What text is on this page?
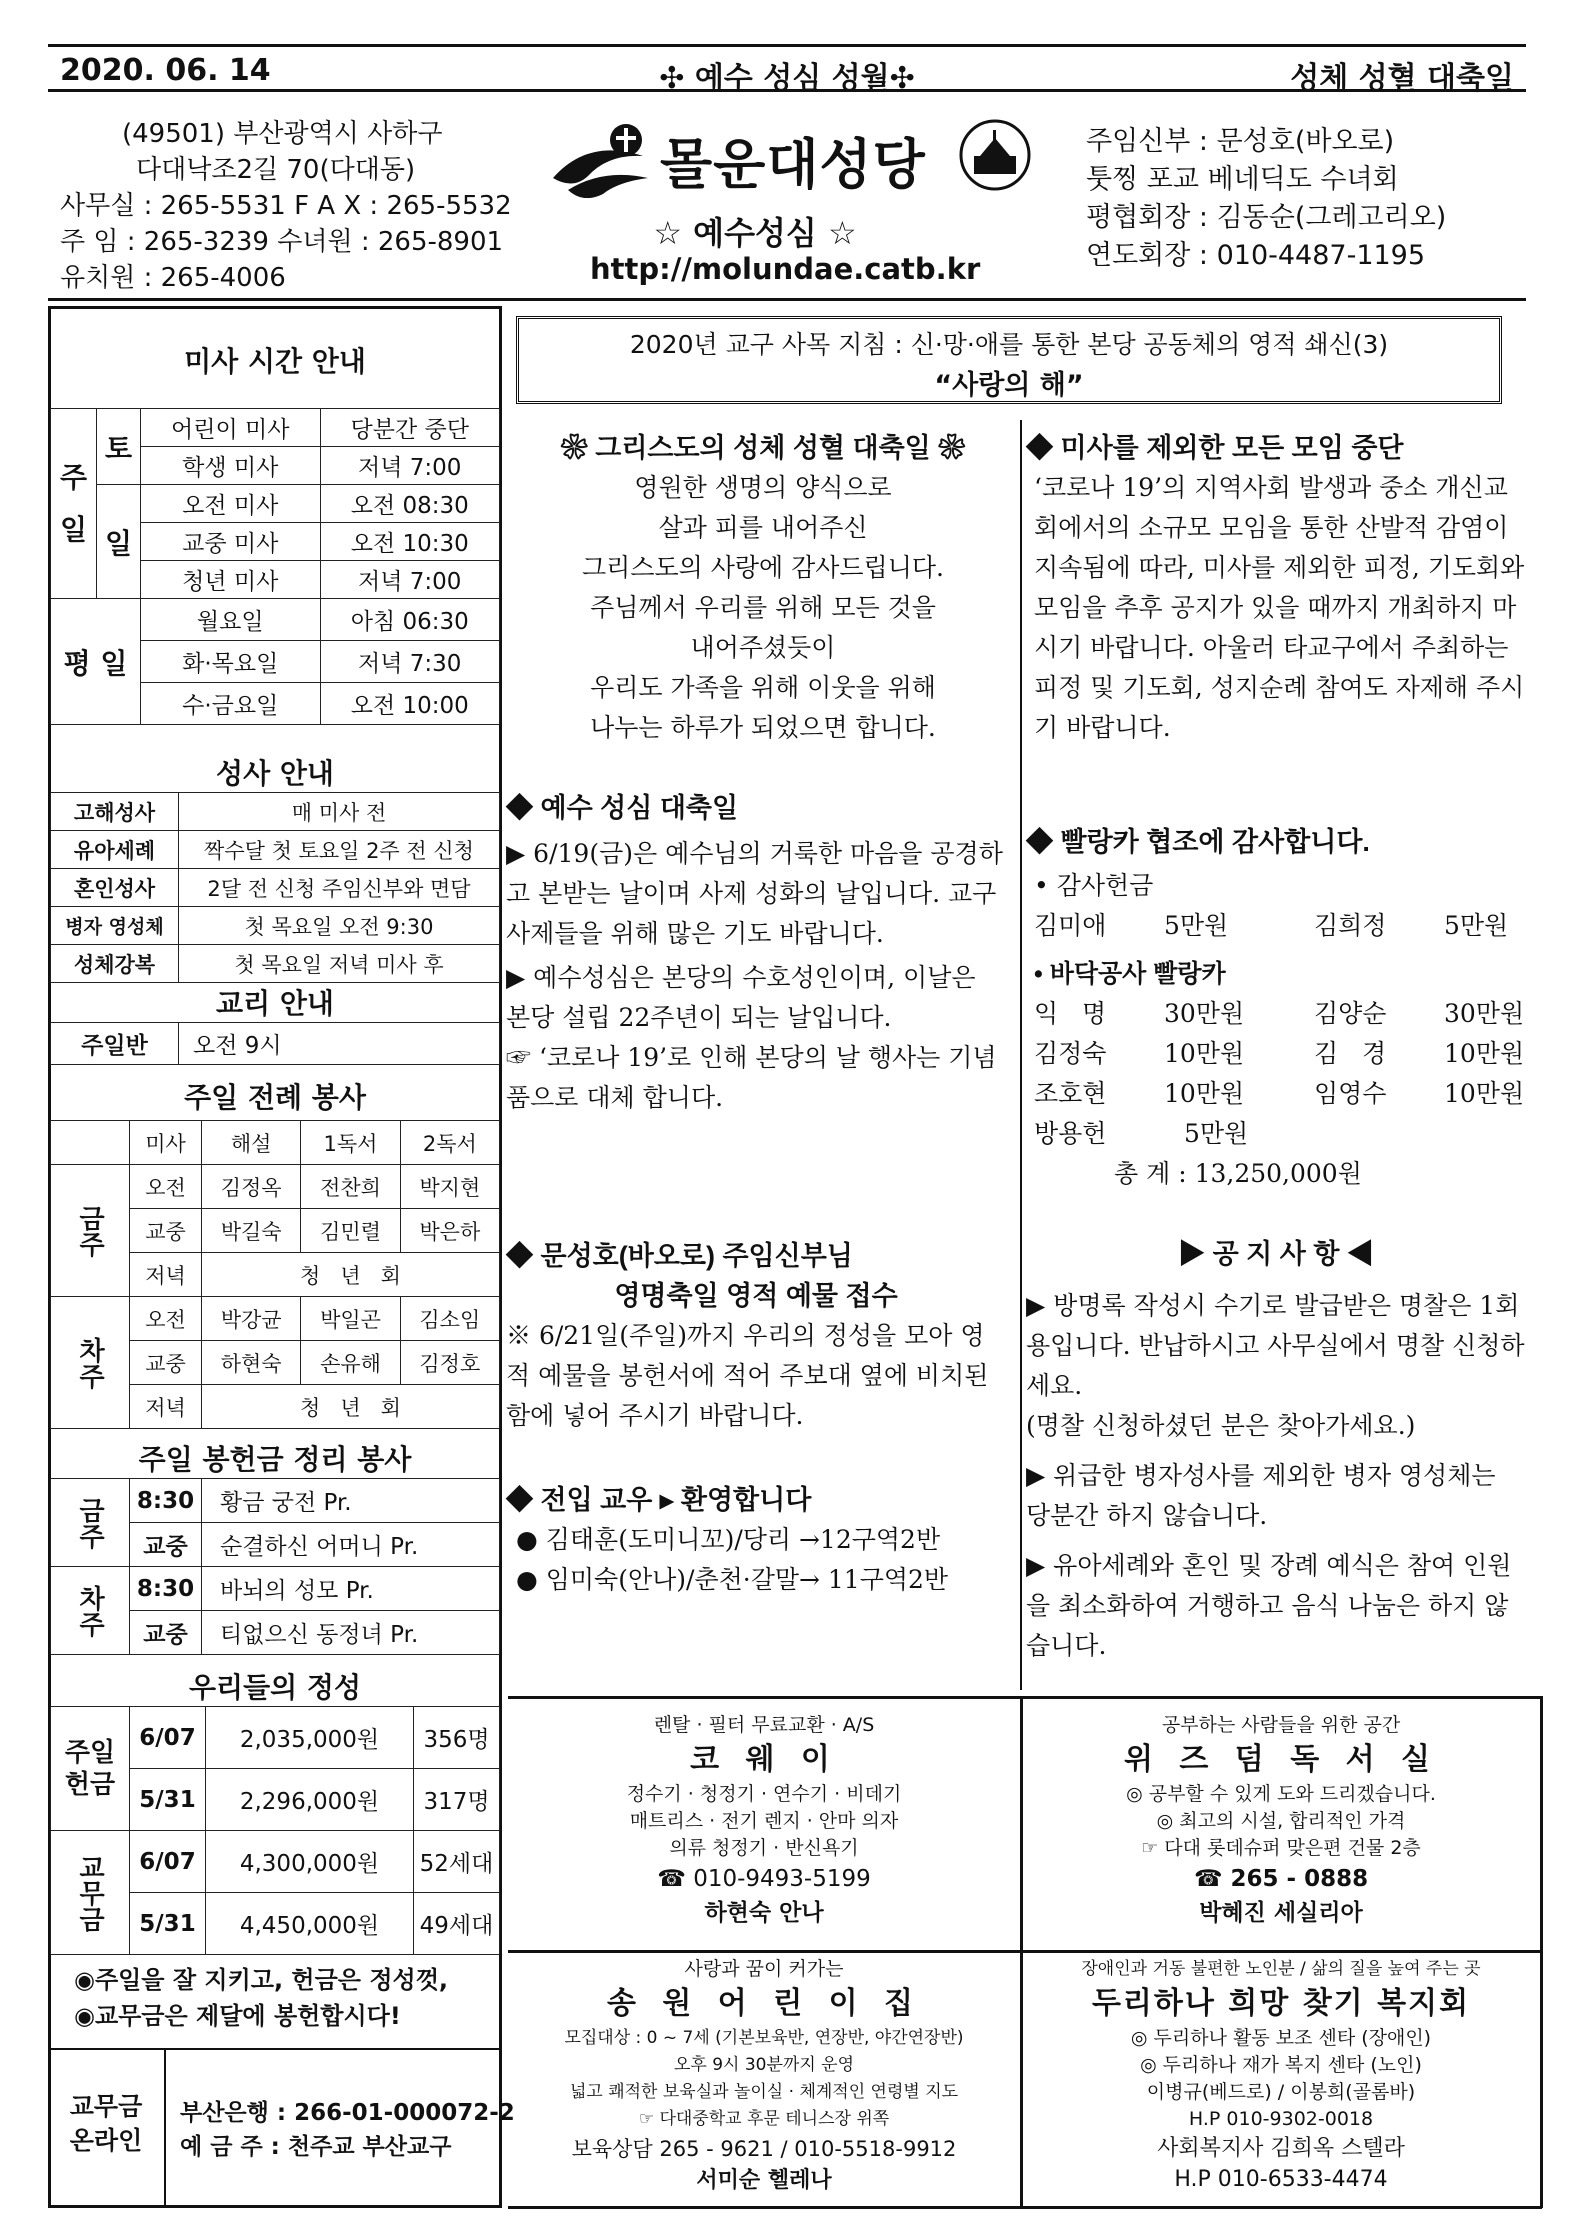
2020. 06. 14	✣ 예수 성심 성월✣	성체 성혈 대축일
(49501) 부산광역시 사하구
다대낙조2길 70(다대동)
사무실 : 265-5531 F A X : 265-5532
주 임 : 265-3239 수녀원 : 265-8901
유치원 : 265-4006
몰운대성당
☆ 예수성심 ☆
http://molundae.catb.kr
주임신부 : 문성호(바오로)
툿찡 포교 베네딕도 수녀회
평협회장 : 김동순(그레고리오)
연도회장 : 010-4487-1195
미사 시간 안내
주
일	토	어린이 미사	당분간 중단
		학생 미사	저녁 7:00
	일	오전 미사	오전 08:30
		교중 미사	오전 10:30
		청년 미사	저녁 7:00
평 일		월요일	아침 06:30
		화·목요일	저녁 7:30
		수·금요일	오전 10:00
성사 안내
고해성사	매 미사 전
유아세례	짝수달 첫 토요일 2주 전 신청
혼인성사	2달 전 신청 주임신부와 면담
병자 영성체	첫 목요일 오전 9:30
성체강복	첫 목요일 저녁 미사 후
교리 안내
주일반	오전 9시
주일 전례 봉사
	미사	해설	1독서	2독서
금주	오전	김정옥	전찬희	박지현
	교중	박길숙	김민렬	박은하
	저녁	청   년   회		
차주	오전	박강균	박일곤	김소임
	교중	하현숙	손유해	김정호
	저녁	청   년   회		
주일 봉헌금 정리 봉사
금주	8:30	황금 궁전 Pr.
	교중	순결하신 어머니 Pr.
차주	8:30	바뇌의 성모 Pr.
	교중	티없으신 동정녀 Pr.
우리들의 정성
주일헌금	6/07	2,035,000원	356명
	5/31	2,296,000원	317명
교무금	6/07	4,300,000원	52세대
	5/31	4,450,000원	49세대
◉주일을 잘 지키고, 헌금은 정성껏,
◉교무금은 제달에 봉헌합시다!
교무금
온라인
부산은행 : 266-01-000072-2
예 금 주 : 천주교 부산교구
2020년 교구 사목 지침 : 신·망·애를 통한 본당 공동체의 영적 쇄신(3)
“사랑의 해”
❀ 그리스도의 성체 성혈 대축일 ❀
영원한 생명의 양식으로
살과 피를 내어주신
그리스도의 사랑에 감사드립니다.
주님께서 우리를 위해 모든 것을
내어주셨듯이
우리도 가족을 위해 이웃을 위해
나누는 하루가 되었으면 합니다.
◆ 예수 성심 대축일
▶ 6/19(금)은 예수님의 거룩한 마음을 공경하고 본받는 날이며 사제 성화의 날입니다. 교구 사제들을 위해 많은 기도 바랍니다.
▶ 예수성심은 본당의 수호성인이며, 이날은 본당 설립 22주년이 되는 날입니다.
☞ ‘코로나 19’로 인해 본당의 날 행사는 기념품으로 대체 합니다.
◆ 문성호(바오로) 주임신부님
영명축일 영적 예물 접수
※ 6/21일(주일)까지 우리의 정성을 모아 영적 예물을 봉헌서에 적어 주보대 옆에 비치된 함에 넣어 주시기 바랍니다.
◆ 전입 교우 ▸ 환영합니다
● 김태훈(도미니꼬)/당리 →12구역2반
● 임미숙(안나)/춘천·갈말→ 11구역2반
◆ 미사를 제외한 모든 모임 중단
‘코로나 19’의 지역사회 발생과 중소 개신교회에서의 소규모 모임을 통한 산발적 감염이 지속됨에 따라, 미사를 제외한 피정, 기도회와 모임을 추후 공지가 있을 때까지 개최하지 마시기 바랍니다. 아울러 타교구에서 주최하는 피정 및 기도회, 성지순례 참여도 자제해 주시기 바랍니다.
◆ 빨랑카 협조에 감사합니다.
• 감사헌금
김미애	5만원	김희정	5만원
• 바닥공사 빨랑카
익   명	30만원	김양순	30만원
김정숙	10만원	김   경	10만원
조호현	10만원	임영수	10만원
방용헌	5만원
총 계 : 13,250,000원
▶ 공 지 사 항 ◀
▶ 방명록 작성시 수기로 발급받은 명찰은 1회용입니다. 반납하시고 사무실에서 명찰 신청하세요.
(명찰 신청하셨던 분은 찾아가세요.)
▶ 위급한 병자성사를 제외한 병자 영성체는 당분간 하지 않습니다.
▶ 유아세례와 혼인 및 장례 예식은 참여 인원을 최소화하여 거행하고 음식 나눔은 하지 않습니다.
렌탈 · 필터 무료교환 · A/S
코 웨 이
정수기 · 청정기 · 연수기 · 비데기
매트리스 · 전기 렌지 · 안마 의자
의류 청정기 · 반신욕기
☎ 010-9493-5199
하현숙 안나
공부하는 사람들을 위한 공간
위 즈 덤 독 서 실
◎ 공부할 수 있게 도와 드리겠습니다.
◎ 최고의 시설, 합리적인 가격
☞ 다대 롯데슈퍼 맞은편 건물 2층
☎ 265 - 0888
박혜진 세실리아
사랑과 꿈이 커가는
송 원 어 린 이 집
모집대상 : 0 ~ 7세 (기본보육반, 연장반, 야간연장반)
오후 9시 30분까지 운영
넓고 쾌적한 보육실과 놀이실 · 체계적인 연령별 지도
☞ 다대중학교 후문 테니스장 위쪽
보육상담 265 - 9621 / 010-5518-9912
서미순 헬레나
장애인과 거동 불편한 노인분 / 삶의 질을 높여 주는 곳
두리하나 희망 찾기 복지회
◎ 두리하나 활동 보조 센타 (장애인)
◎ 두리하나 재가 복지 센타 (노인)
이병규(베드로) / 이봉희(골롬바)
H.P 010-9302-0018
사회복지사 김희옥 스텔라
H.P 010-6533-4474
